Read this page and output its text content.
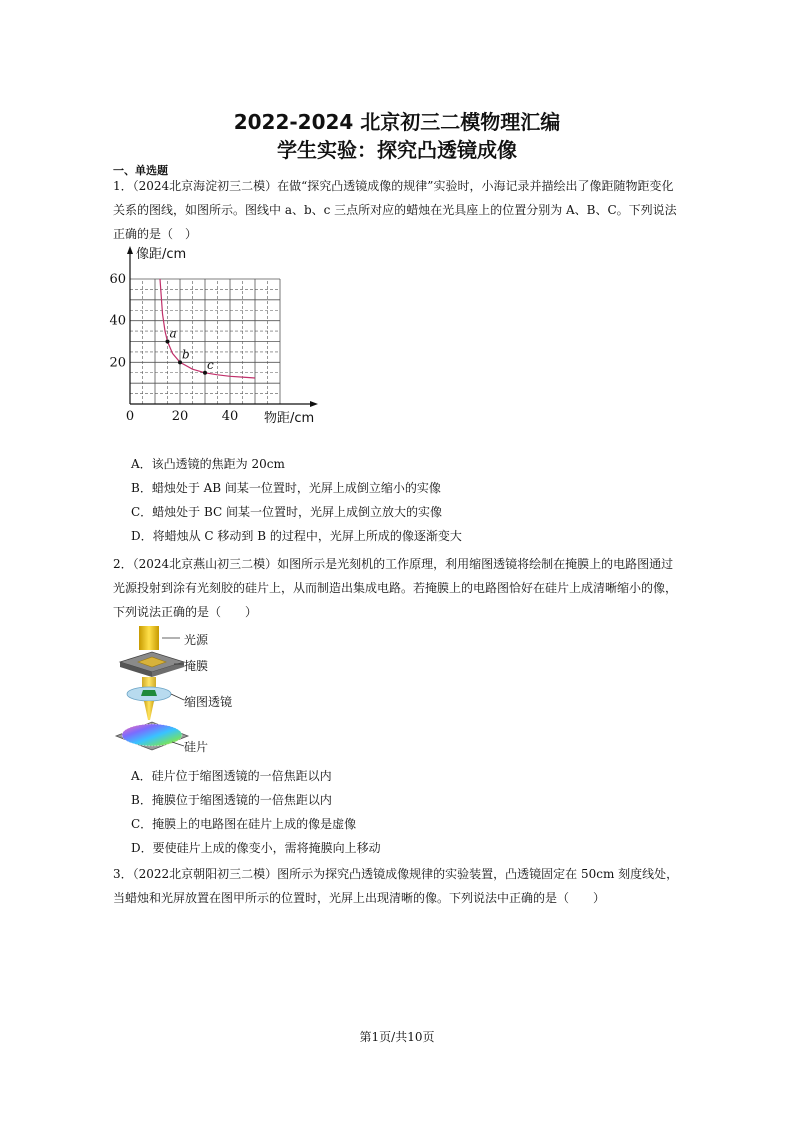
2022-2024 北京初三二模物理汇编
学生实验：探究凸透镜成像
一、单选题
1．（2024北京海淀初三二模）在做“探究凸透镜成像的规律”实验时，小海记录并描绘出了像距随物距变化
关系的图线，如图所示。图线中 a、b、c 三点所对应的蜡烛在光具座上的位置分别为 A、B、C。下列说法
正确的是（　）
a
b
c
20
40
60
0	20	40
像距/cm
物距/cm
A．该凸透镜的焦距为 20cm
B．蜡烛处于 AB 间某一位置时，光屏上成倒立缩小的实像
C．蜡烛处于 BC 间某一位置时，光屏上成倒立放大的实像
D．将蜡烛从 C 移动到 B 的过程中，光屏上所成的像逐渐变大
2．（2024北京燕山初三二模）如图所示是光刻机的工作原理，利用缩图透镜将绘制在掩膜上的电路图通过
光源投射到涂有光刻胶的硅片上，从而制造出集成电路。若掩膜上的电路图恰好在硅片上成清晰缩小的像，
下列说法正确的是（　　）
光源
掩膜
缩图透镜
硅片
A．硅片位于缩图透镜的一倍焦距以内
B．掩膜位于缩图透镜的一倍焦距以内
C．掩膜上的电路图在硅片上成的像是虚像
D．要使硅片上成的像变小，需将掩膜向上移动
3．（2022北京朝阳初三二模）图所示为探究凸透镜成像规律的实验装置，凸透镜固定在 50cm 刻度线处，
当蜡烛和光屏放置在图甲所示的位置时，光屏上出现清晰的像。下列说法中正确的是（　　）
第1页/共10页
